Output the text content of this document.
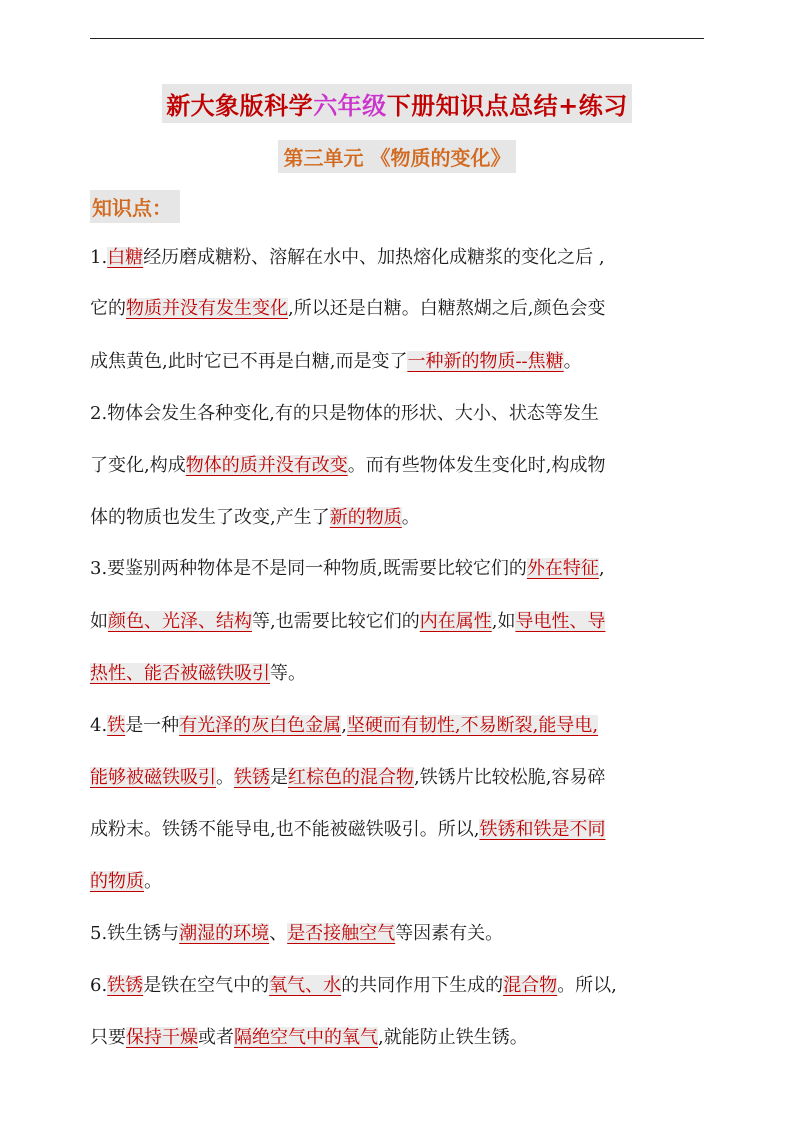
新大象版科学六年级下册知识点总结+练习
第三单元 《物质的变化》
知识点：
1.白糖经历磨成糖粉、溶解在水中、加热熔化成糖浆的变化之后 ,
它的物质并没有发生变化,所以还是白糖。白糖熬煳之后,颜色会变
成焦黄色,此时它已不再是白糖,而是变了一种新的物质--焦糖。
2.物体会发生各种变化,有的只是物体的形状、大小、状态等发生
了变化,构成物体的质并没有改变。而有些物体发生变化时,构成物
体的物质也发生了改变,产生了新的物质。
3.要鉴别两种物体是不是同一种物质,既需要比较它们的外在特征,
如颜色、光泽、结构等,也需要比较它们的内在属性,如导电性、导
热性、能否被磁铁吸引等。
4.铁是一种有光泽的灰白色金属,坚硬而有韧性,不易断裂,能导电,
能够被磁铁吸引。铁锈是红棕色的混合物,铁锈片比较松脆,容易碎
成粉末。铁锈不能导电,也不能被磁铁吸引。所以,铁锈和铁是不同
的物质。
5.铁生锈与潮湿的环境、是否接触空气等因素有关。
6.铁锈是铁在空气中的氧气、水的共同作用下生成的混合物。所以,
只要保持干燥或者隔绝空气中的氧气,就能防止铁生锈。
